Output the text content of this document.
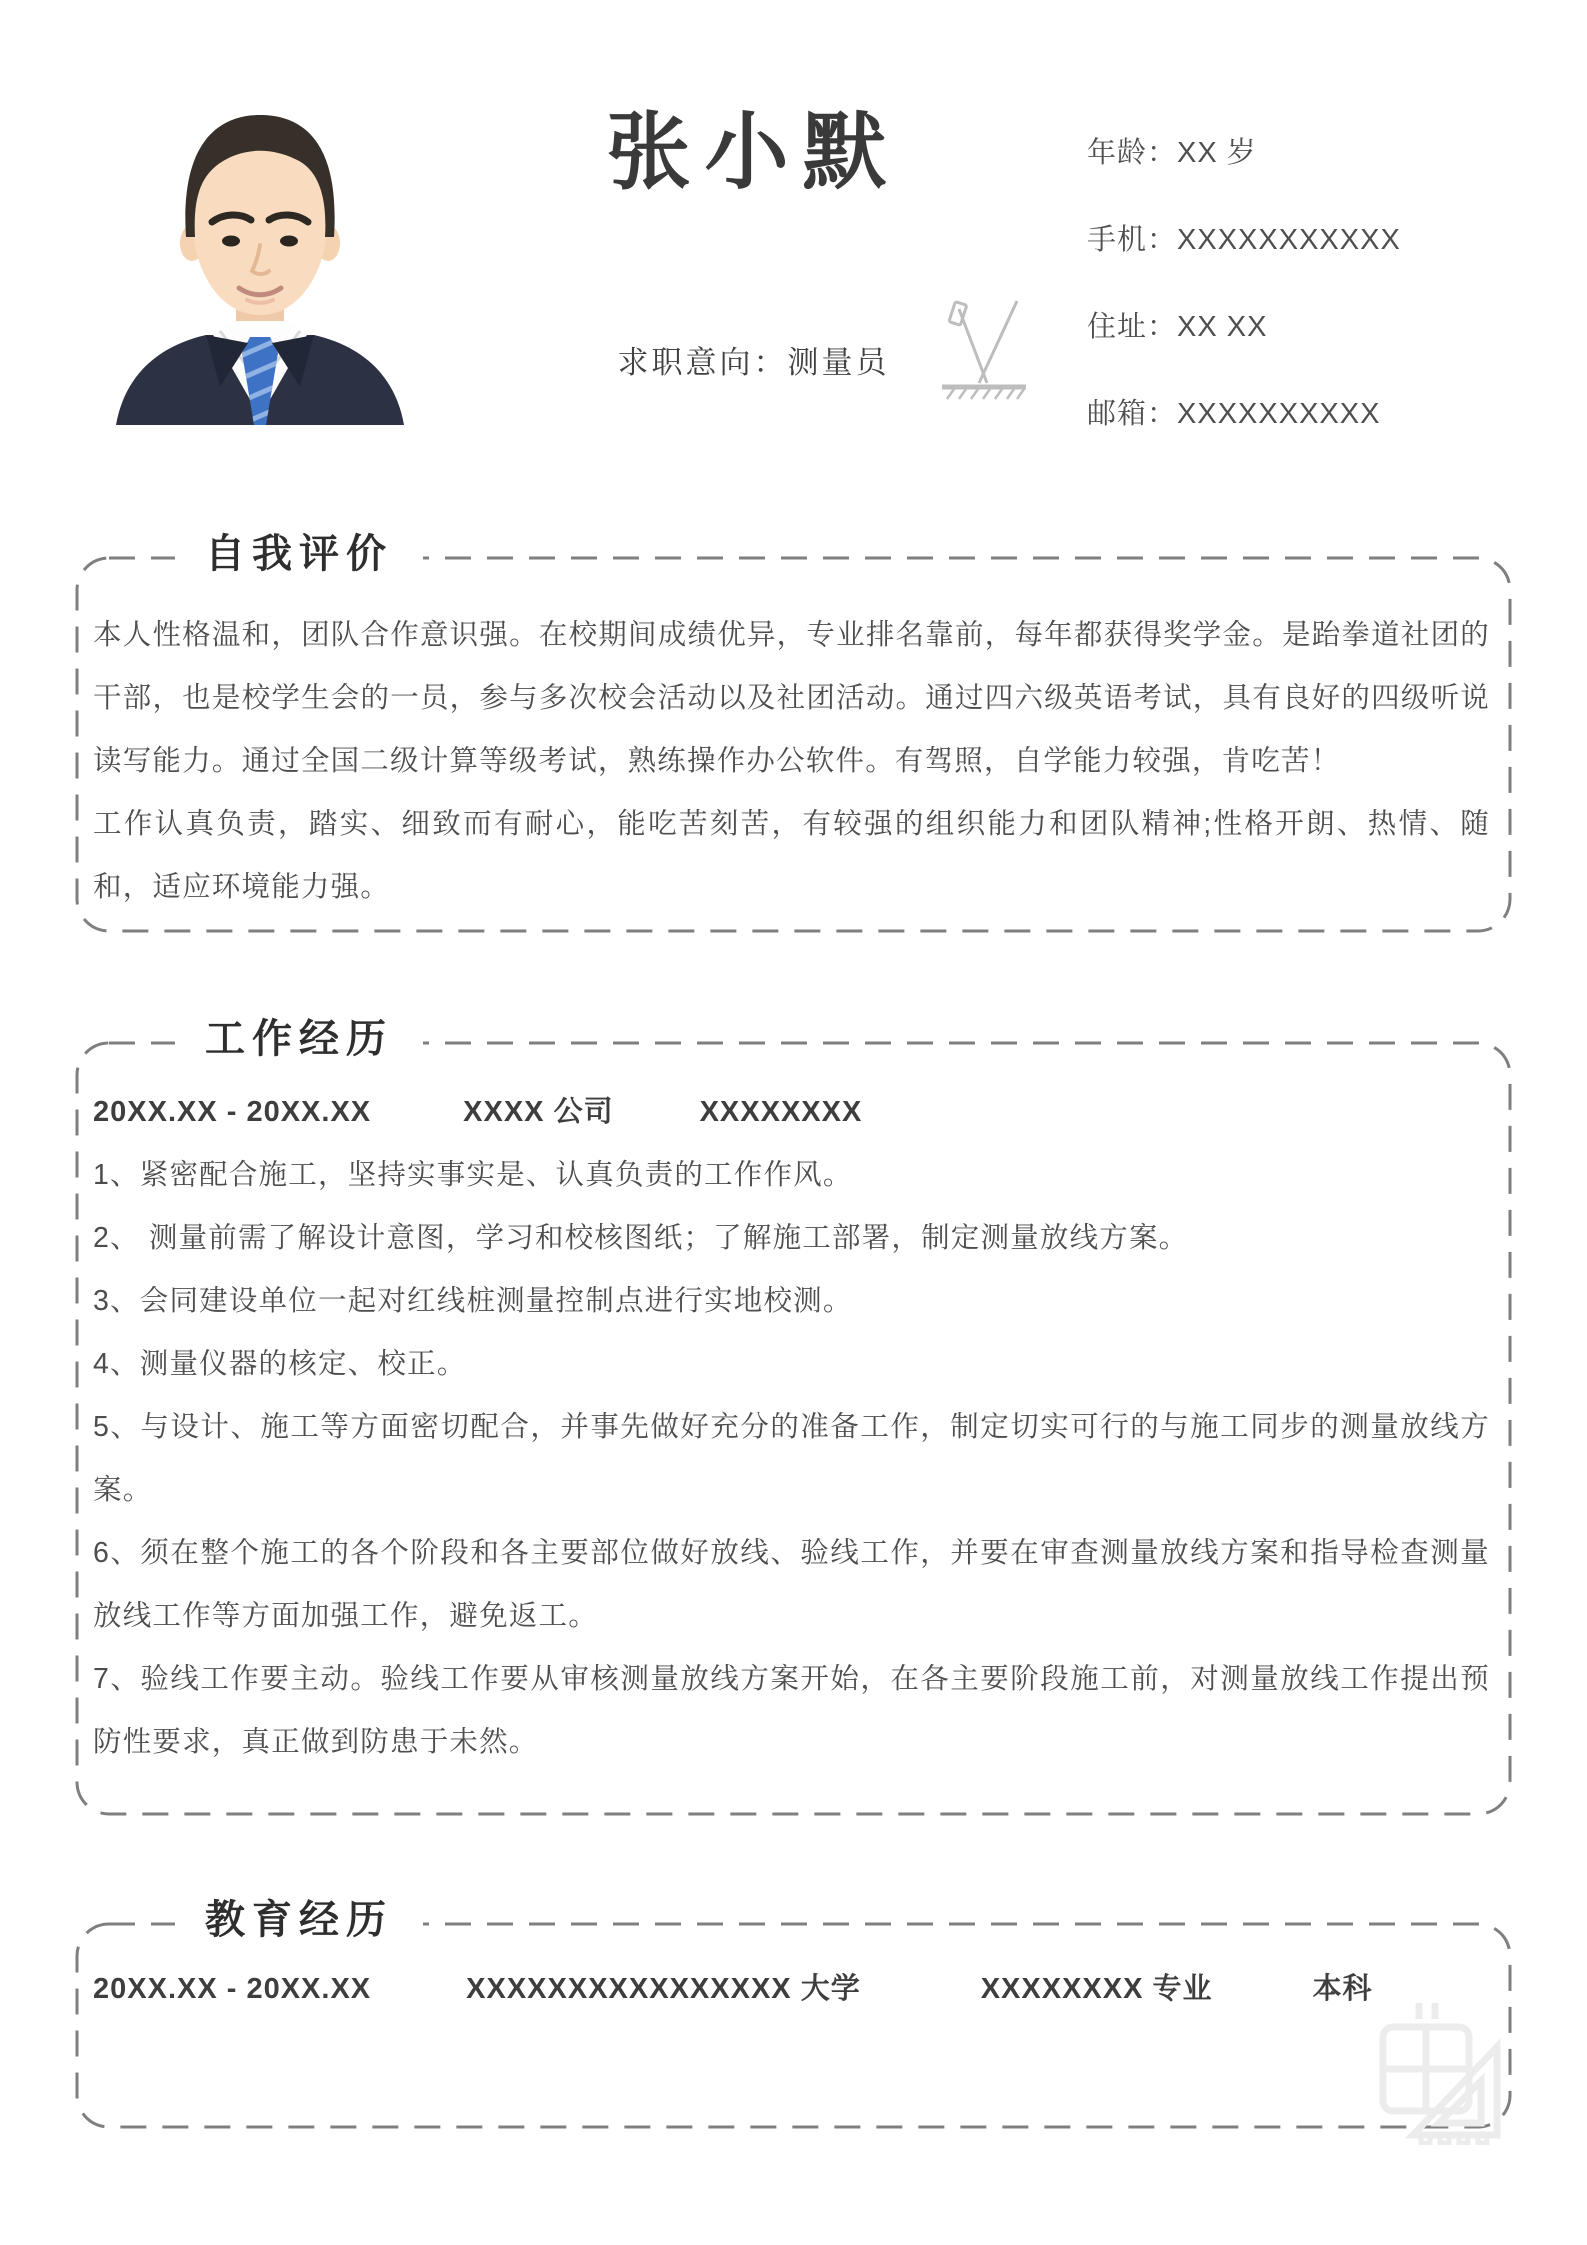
张小默
求职意向：测量员
年龄：XX 岁
手机：XXXXXXXXXXX
住址：XX XX
邮箱：XXXXXXXXXX
自我评价

本人性格温和，团队合作意识强。在校期间成绩优异，专业排名靠前，每年都获得奖学金。是跆拳道社团的干部，也是校学生会的一员，参与多次校会活动以及社团活动。通过四六级英语考试，具有良好的四级听说读写能力。通过全国二级计算等级考试，熟练操作办公软件。有驾照，自学能力较强，肯吃苦！

工作认真负责，踏实、细致而有耐心，能吃苦刻苦，有较强的组织能力和团队精神;性格开朗、热情、随和，适应环境能力强。

工作经历
20XX.XX - 20XX.XX	XXXX 公司	XXXXXXXX

1、紧密配合施工，坚持实事实是、认真负责的工作作风。

2、 测量前需了解设计意图，学习和校核图纸；了解施工部署，制定测量放线方案。

3、会同建设单位一起对红线桩测量控制点进行实地校测。

4、测量仪器的核定、校正。

5、与设计、施工等方面密切配合，并事先做好充分的准备工作，制定切实可行的与施工同步的测量放线方案。

6、须在整个施工的各个阶段和各主要部位做好放线、验线工作，并要在审查测量放线方案和指导检查测量放线工作等方面加强工作，避免返工。

7、验线工作要主动。验线工作要从审核测量放线方案开始，在各主要阶段施工前，对测量放线工作提出预防性要求，真正做到防患于未然。

教育经历
20XX.XX - 20XX.XX	XXXXXXXXXXXXXXXX 大学	XXXXXXXX 专业	本科
